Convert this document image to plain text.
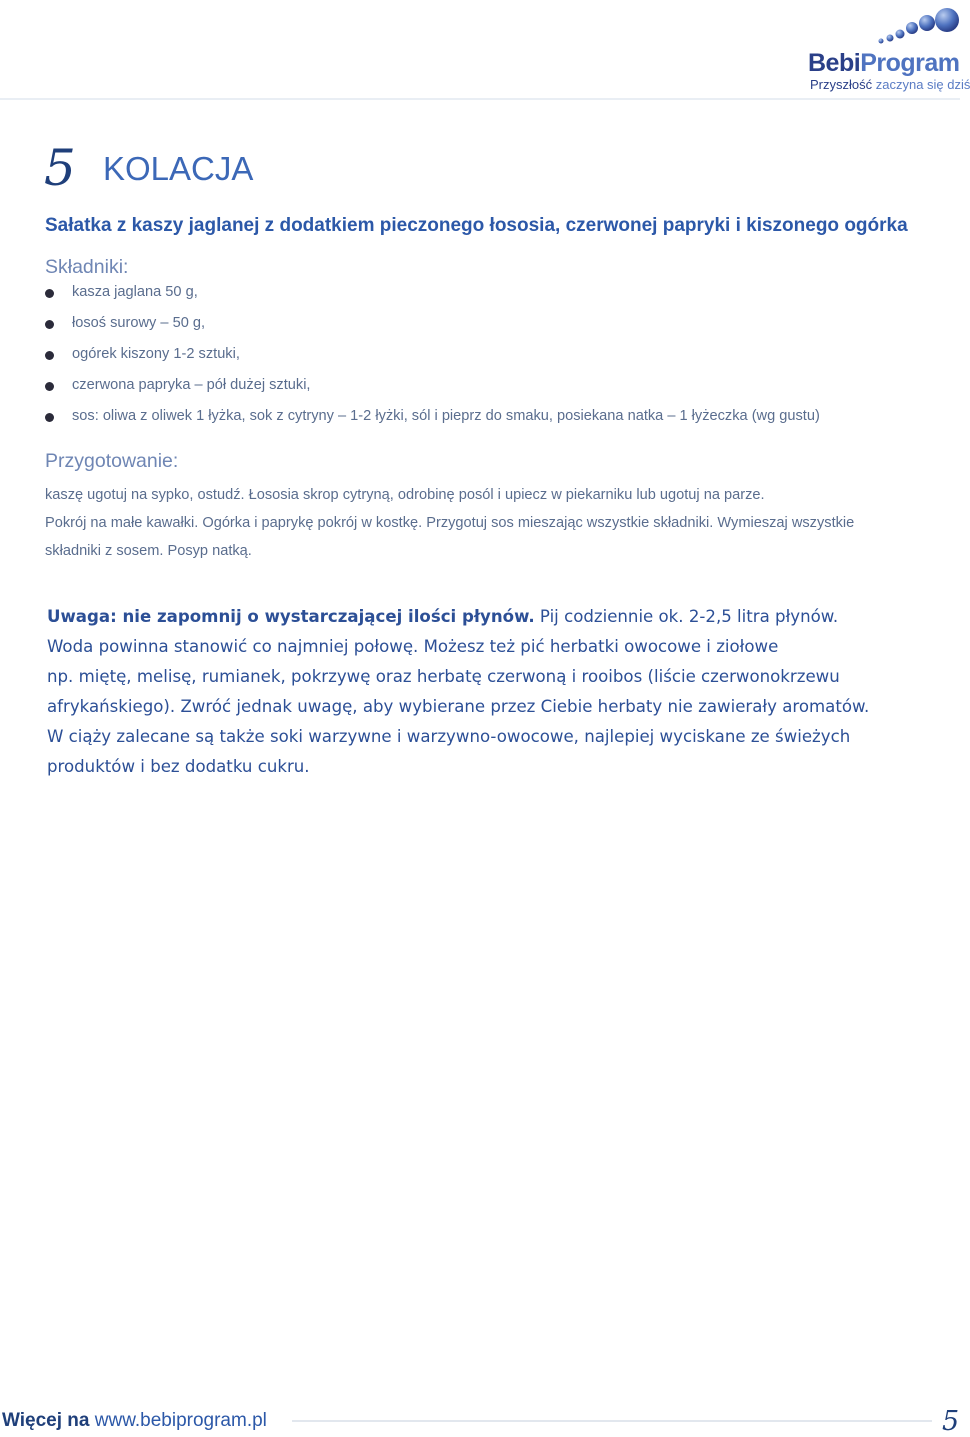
BebiProgram
Przyszłość zaczyna się dziś
5 KOLACJA
Sałatka z kaszy jaglanej z dodatkiem pieczonego łososia, czerwonej papryki i kiszonego ogórka
Składniki:
kasza jaglana 50 g,
łosoś surowy – 50 g,
ogórek kiszony 1-2 sztuki,
czerwona papryka – pół dużej sztuki,
sos: oliwa z oliwek 1 łyżka, sok z cytryny – 1-2 łyżki, sól i pieprz do smaku, posiekana natka – 1 łyżeczka (wg gustu)
Przygotowanie:

kaszę ugotuj na sypko, ostudź. Łososia skrop cytryną, odrobinę posól i upiecz w piekarniku lub ugotuj na parze.

Pokrój na małe kawałki. Ogórka i paprykę pokrój w kostkę. Przygotuj sos mieszając wszystkie składniki. Wymieszaj wszystkie

składniki z sosem. Posyp natką.

Uwaga: nie zapomnij o wystarczającej ilości płynów. Pij codziennie ok. 2-2,5 litra płynów.

Woda powinna stanowić co najmniej połowę. Możesz też pić herbatki owocowe i ziołowe

np. miętę, melisę, rumianek, pokrzywę oraz herbatę czerwoną i rooibos (liście czerwonokrzewu

afrykańskiego). Zwróć jednak uwagę, aby wybierane przez Ciebie herbaty nie zawierały aromatów.

W ciąży zalecane są także soki warzywne i warzywno-owocowe, najlepiej wyciskane ze świeżych

produktów i bez dodatku cukru.

Więcej na www.bebiprogram.pl	5
